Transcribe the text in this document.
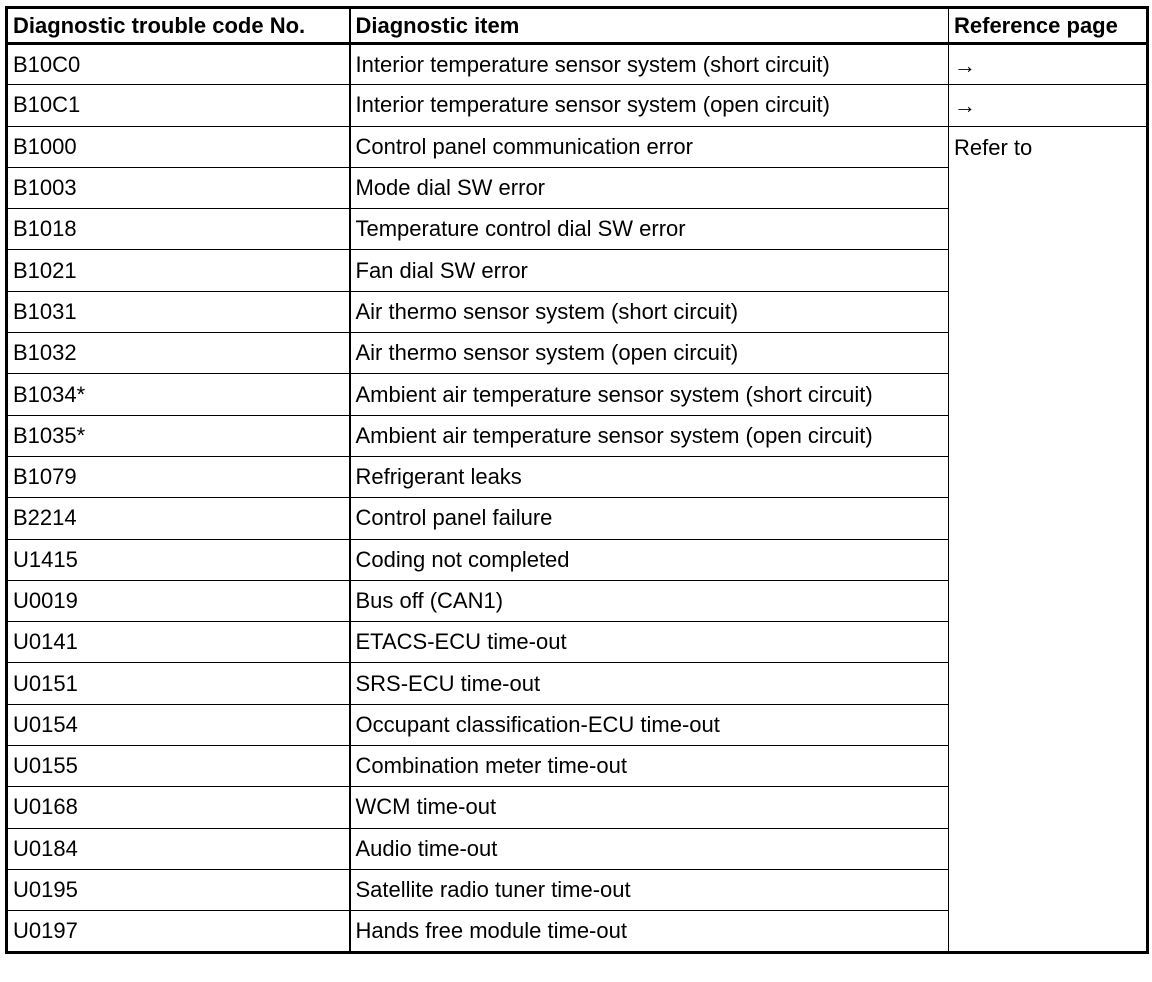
Diagnostic trouble code No.	Diagnostic item	Reference page
B10C0	Interior temperature sensor system (short circuit)	→
B10C1	Interior temperature sensor system (open circuit)	→
B1000	Control panel communication error	Refer to
B1003	Mode dial SW error	
B1018	Temperature control dial SW error	
B1021	Fan dial SW error	
B1031	Air thermo sensor system (short circuit)	
B1032	Air thermo sensor system (open circuit)	
B1034*	Ambient air temperature sensor system (short circuit)	
B1035*	Ambient air temperature sensor system (open circuit)	
B1079	Refrigerant leaks	
B2214	Control panel failure	
U1415	Coding not completed	
U0019	Bus off (CAN1)	
U0141	ETACS-ECU time-out	
U0151	SRS-ECU time-out	
U0154	Occupant classification-ECU time-out	
U0155	Combination meter time-out	
U0168	WCM time-out	
U0184	Audio time-out	
U0195	Satellite radio tuner time-out	
U0197	Hands free module time-out	
